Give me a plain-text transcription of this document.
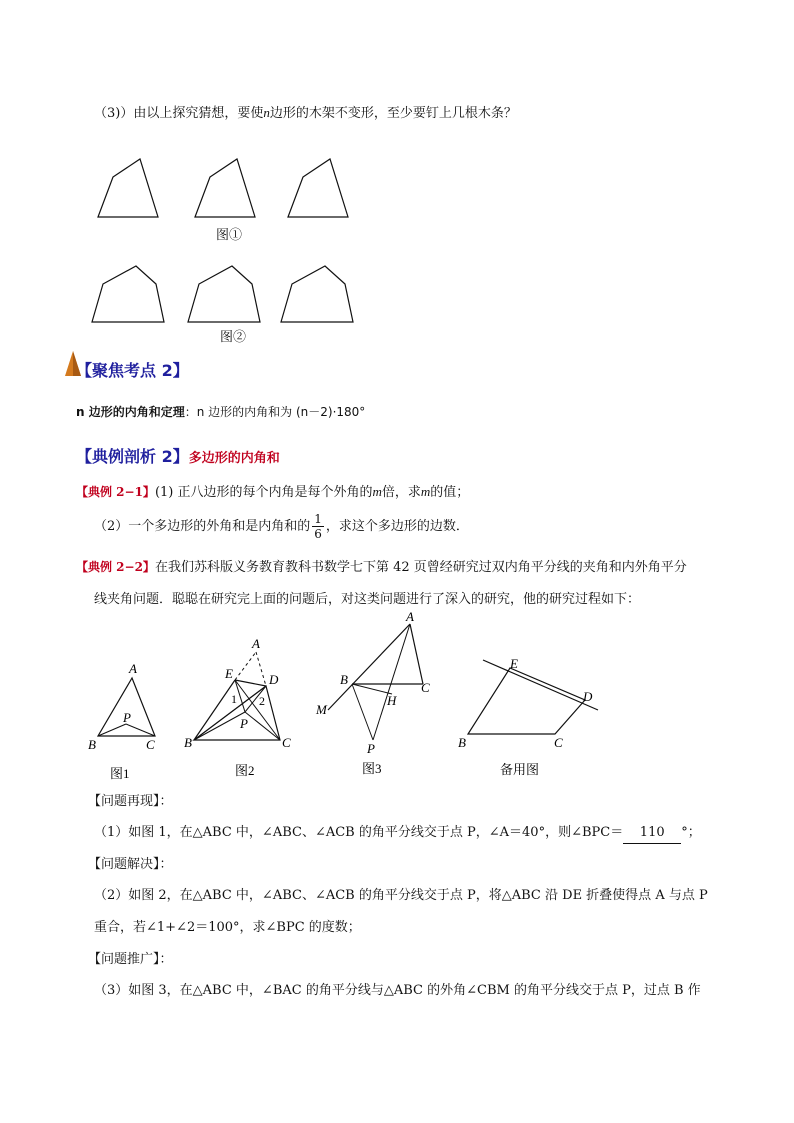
（3)）由以上探究猜想，要使n边形的木架不变形，至少要钉上几根木条？
图①
图②
【聚焦考点 2】
n 边形的内角和定理：n 边形的内角和为 (n－2)·180°
【典例剖析 2】多边形的内角和
【典例 2−1】(1) 正八边形的每个内角是每个外角的m倍，求m的值；
（2）一个多边形的外角和是内角和的 $\frac{1}{6}$ ，求这个多边形的边数．
【典例 2−2】在我们苏科版义务教育教科书数学七下第 42 页曾经研究过双内角平分线的夹角和内外角平分
线夹角问题．聪聪在研究完上面的问题后，对这类问题进行了深入的研究，他的研究过程如下：
A
B	C
P
图1
A
E	D
1 2
P
B	C
图2
A
B
C
M
H
P
图3
E
D
B	C
备用图
【问题再现】：
（1）如图 1，在△ABC 中，∠ABC、∠ACB 的角平分线交于点 P，∠A＝40°，则∠BPC＝ 110 °；
【问题解决】：
（2）如图 2，在△ABC 中，∠ABC、∠ACB 的角平分线交于点 P，将△ABC 沿 DE 折叠使得点 A 与点 P
重合，若∠1+∠2＝100°，求∠BPC 的度数；
【问题推广】：
（3）如图 3，在△ABC 中，∠BAC 的角平分线与△ABC 的外角∠CBM 的角平分线交于点 P，过点 B 作
